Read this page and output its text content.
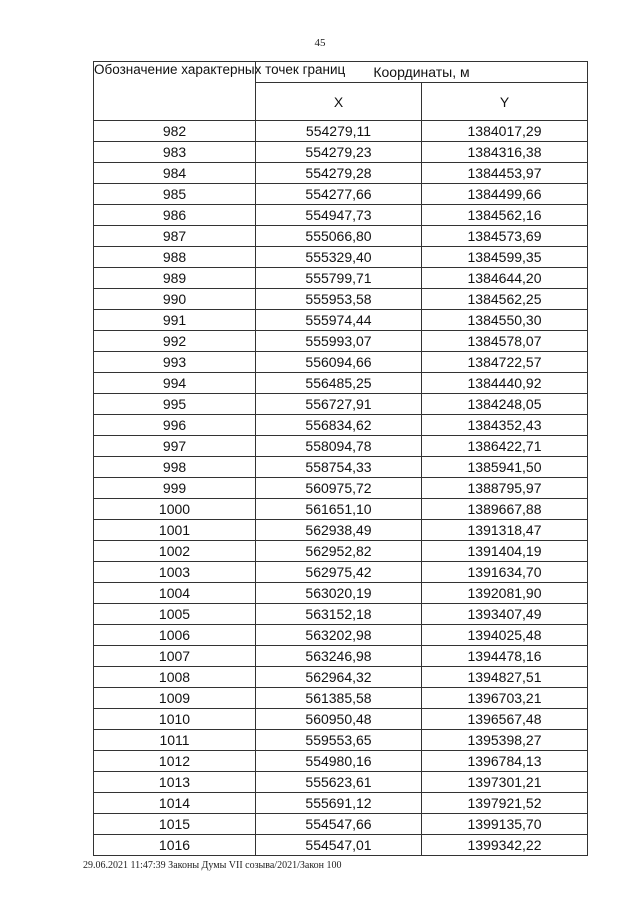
45
Обозначение характерных точек границ	Координаты, м	
	X	Y
982	554279,11	1384017,29
983	554279,23	1384316,38
984	554279,28	1384453,97
985	554277,66	1384499,66
986	554947,73	1384562,16
987	555066,80	1384573,69
988	555329,40	1384599,35
989	555799,71	1384644,20
990	555953,58	1384562,25
991	555974,44	1384550,30
992	555993,07	1384578,07
993	556094,66	1384722,57
994	556485,25	1384440,92
995	556727,91	1384248,05
996	556834,62	1384352,43
997	558094,78	1386422,71
998	558754,33	1385941,50
999	560975,72	1388795,97
1000	561651,10	1389667,88
1001	562938,49	1391318,47
1002	562952,82	1391404,19
1003	562975,42	1391634,70
1004	563020,19	1392081,90
1005	563152,18	1393407,49
1006	563202,98	1394025,48
1007	563246,98	1394478,16
1008	562964,32	1394827,51
1009	561385,58	1396703,21
1010	560950,48	1396567,48
1011	559553,65	1395398,27
1012	554980,16	1396784,13
1013	555623,61	1397301,21
1014	555691,12	1397921,52
1015	554547,66	1399135,70
1016	554547,01	1399342,22
29.06.2021 11:47:39 Законы Думы VII созыва/2021/Закон 100
